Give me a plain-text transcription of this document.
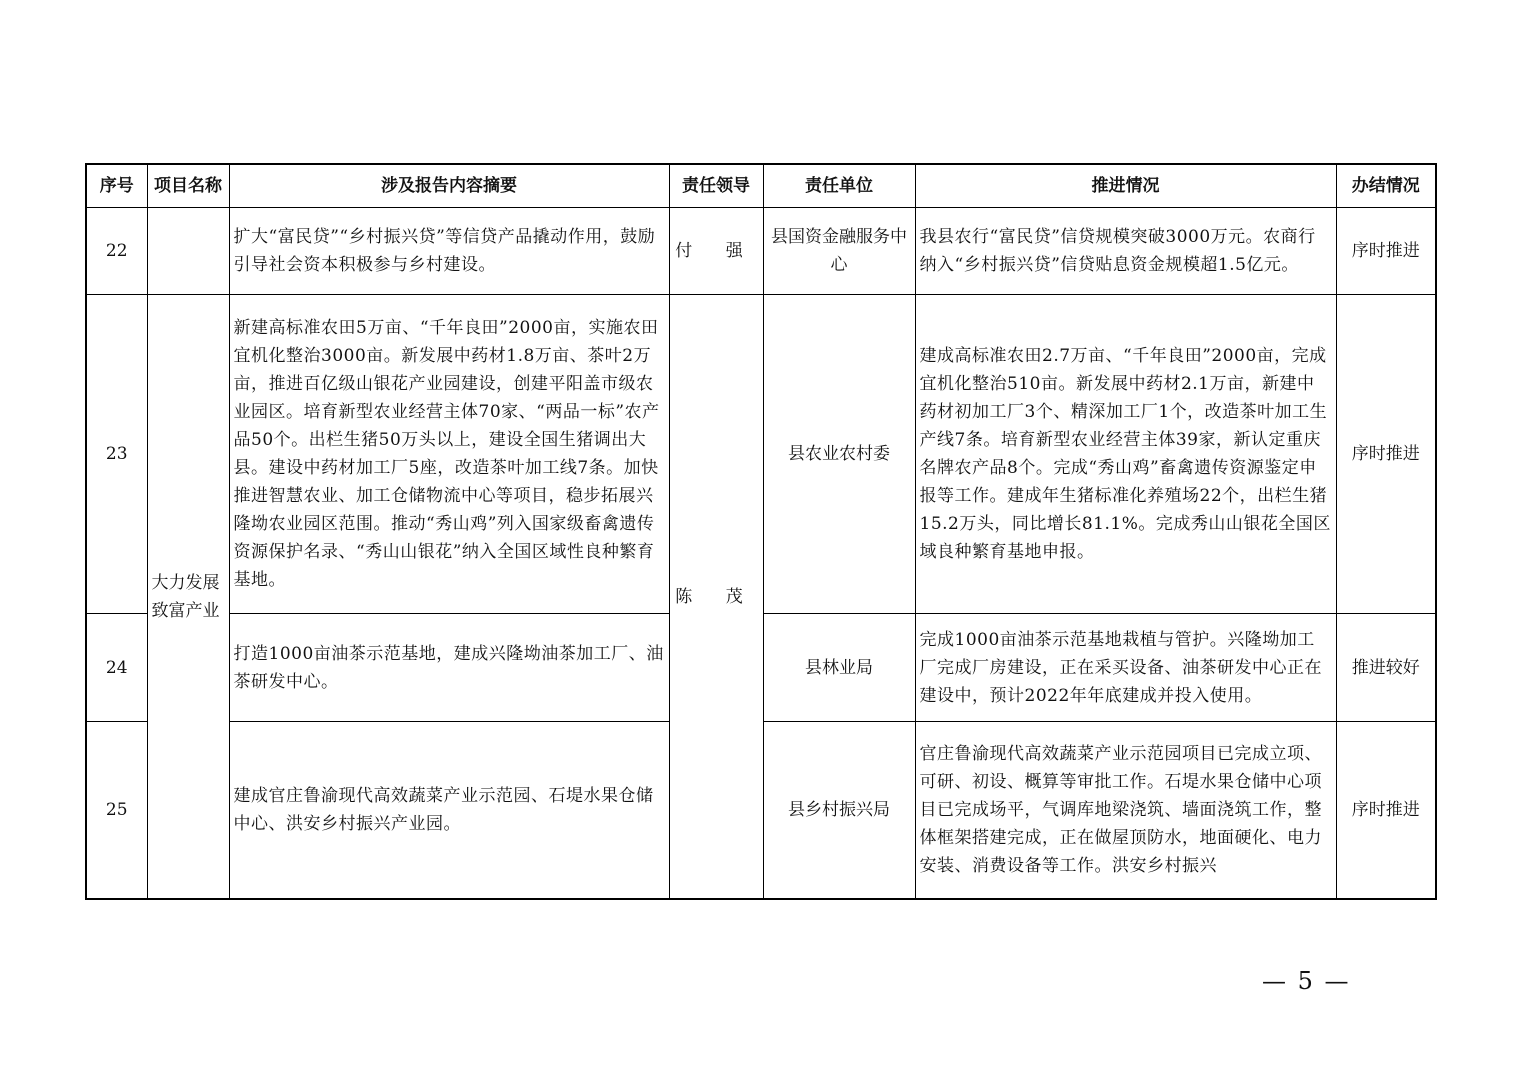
序号	项目名称	涉及报告内容摘要	责任领导	责任单位	推进情况	办结情况
22		扩大“富民贷”“乡村振兴贷”等信贷产品撬动作用，鼓励引导社会资本积极参与乡村建设。	付 强	县国资金融服务中心	我县农行“富民贷”信贷规模突破3000万元。农商行纳入“乡村振兴贷”信贷贴息资金规模超1.5亿元。	序时推进
23	大力发展致富产业	新建高标准农田5万亩、“千年良田”2000亩，实施农田宜机化整治3000亩。新发展中药材1.8万亩、茶叶2万亩，推进百亿级山银花产业园建设，创建平阳盖市级农业园区。培育新型农业经营主体70家、“两品一标”农产品50个。出栏生猪50万头以上，建设全国生猪调出大县。建设中药材加工厂5座，改造茶叶加工线7条。加快推进智慧农业、加工仓储物流中心等项目，稳步拓展兴隆坳农业园区范围。推动“秀山鸡”列入国家级畜禽遗传资源保护名录、“秀山山银花”纳入全国区域性良种繁育基地。	陈 茂	县农业农村委	建成高标准农田2.7万亩、“千年良田”2000亩，完成宜机化整治510亩。新发展中药材2.1万亩，新建中药材初加工厂3个、精深加工厂1个，改造茶叶加工生产线7条。培育新型农业经营主体39家，新认定重庆名牌农产品8个。完成“秀山鸡”畜禽遗传资源鉴定申报等工作。建成年生猪标准化养殖场22个，出栏生猪15.2万头，同比增长81.1%。完成秀山山银花全国区域良种繁育基地申报。	序时推进
24		打造1000亩油茶示范基地，建成兴隆坳油茶加工厂、油茶研发中心。		县林业局	完成1000亩油茶示范基地栽植与管护。兴隆坳加工厂完成厂房建设，正在采买设备、油茶研发中心正在建设中，预计2022年年底建成并投入使用。	推进较好
25		建成官庄鲁渝现代高效蔬菜产业示范园、石堤水果仓储中心、洪安乡村振兴产业园。		县乡村振兴局	官庄鲁渝现代高效蔬菜产业示范园项目已完成立项、可研、初设、概算等审批工作。石堤水果仓储中心项目已完成场平，气调库地梁浇筑、墙面浇筑工作，整体框架搭建完成，正在做屋顶防水，地面硬化、电力安装、消费设备等工作。洪安乡村振兴	序时推进
— 5 —
